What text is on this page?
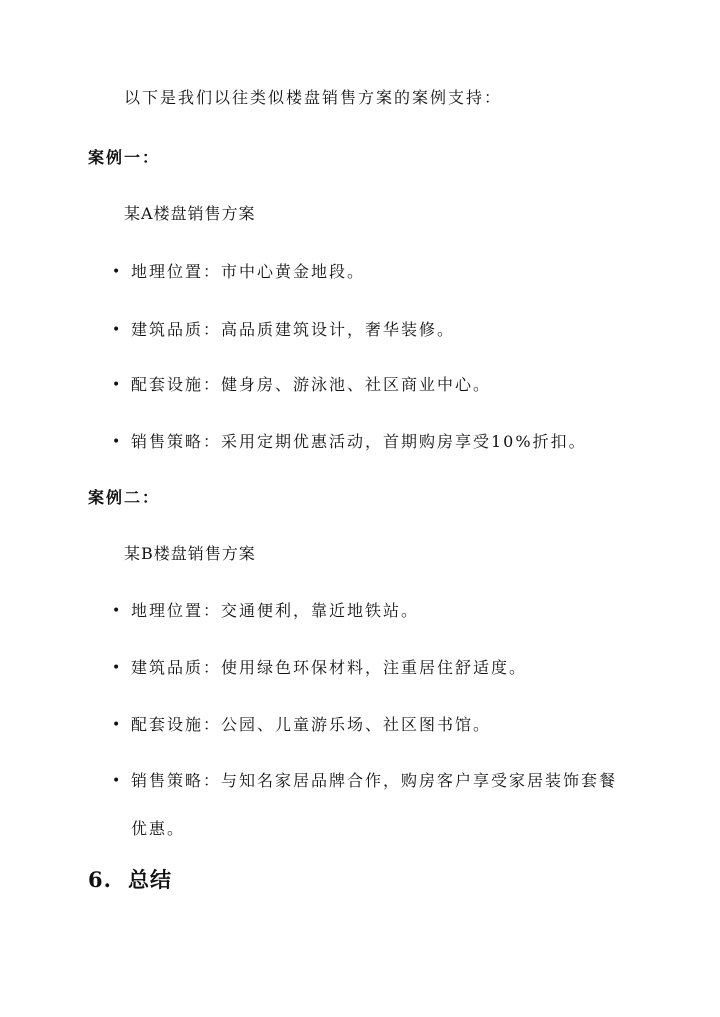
以下是我们以往类似楼盘销售方案的案例支持：
案例一：
某A楼盘销售方案
• 地理位置：市中心黄金地段。
• 建筑品质：高品质建筑设计，奢华装修。
• 配套设施：健身房、游泳池、社区商业中心。
• 销售策略：采用定期优惠活动，首期购房享受10%折扣。
案例二：
某B楼盘销售方案
• 地理位置：交通便利，靠近地铁站。
• 建筑品质：使用绿色环保材料，注重居住舒适度。
• 配套设施：公园、儿童游乐场、社区图书馆。
• 销售策略：与知名家居品牌合作，购房客户享受家居装饰套餐优惠。
6. 总结
